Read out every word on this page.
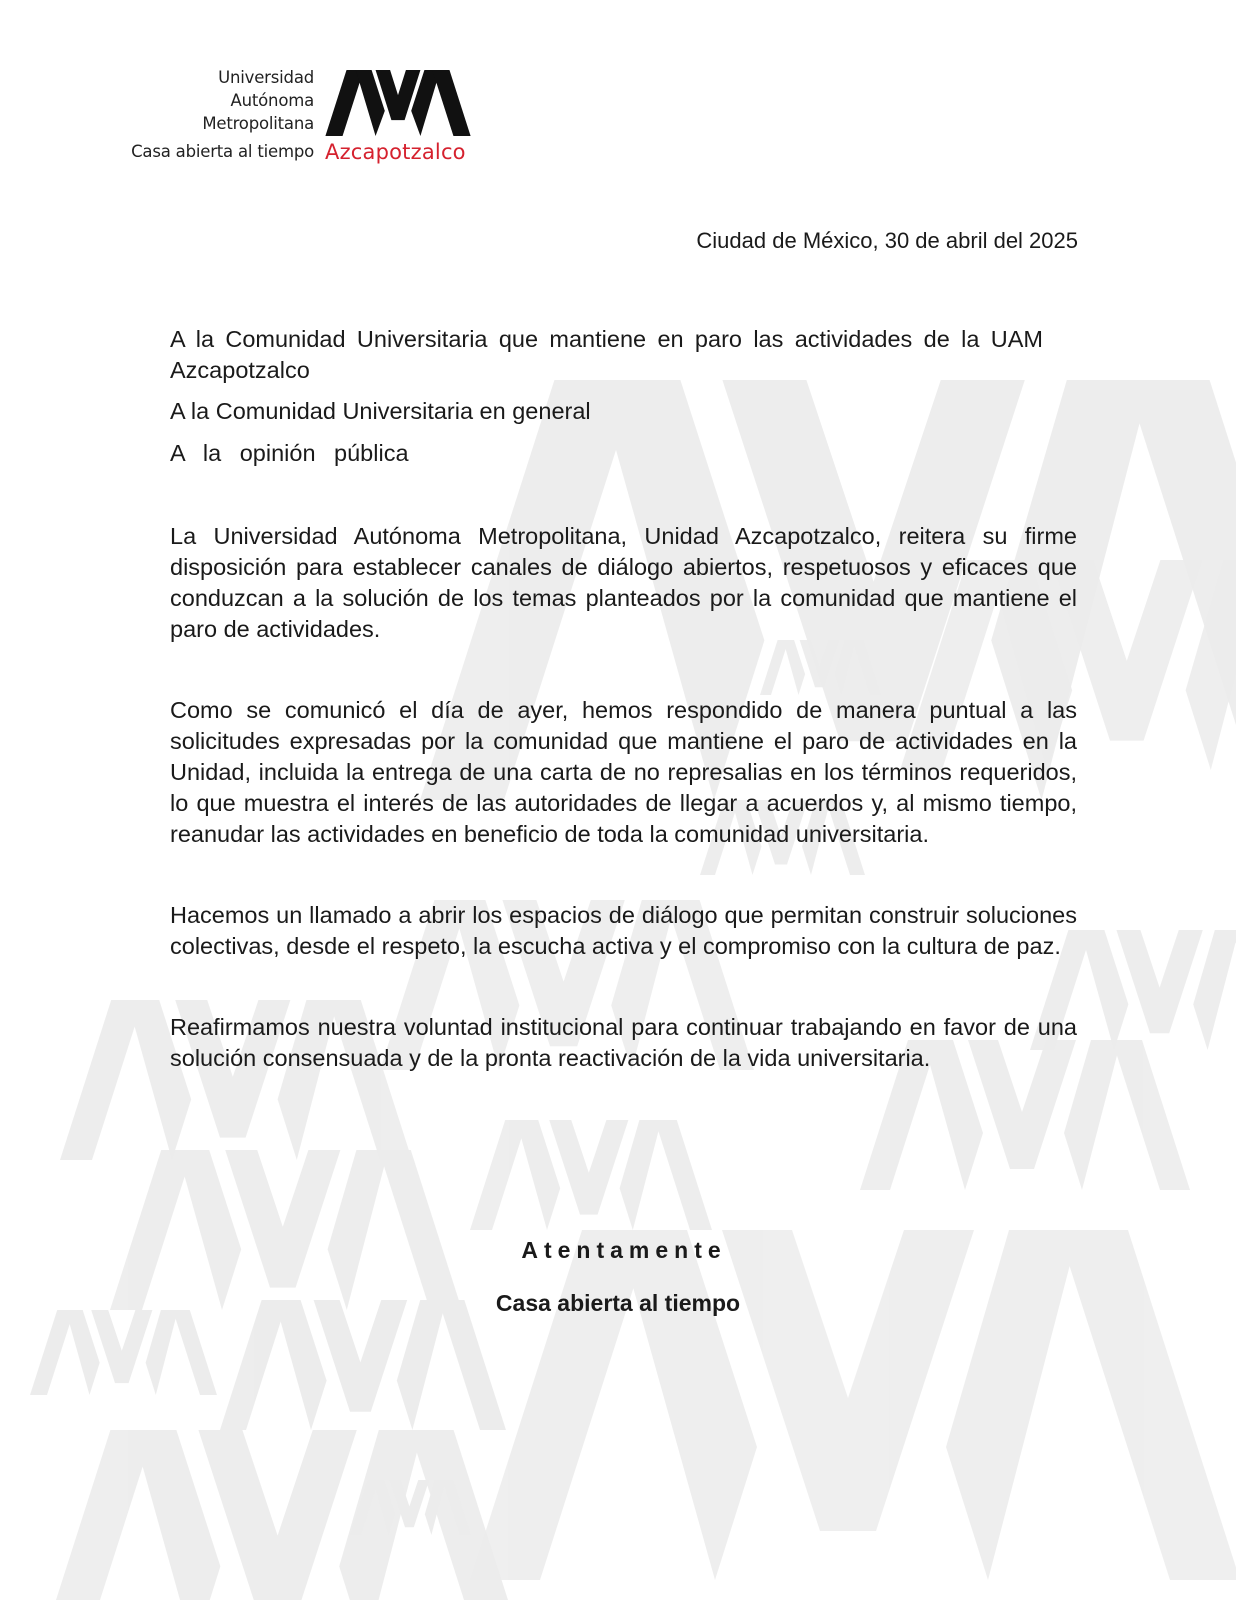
Universidad
Autónoma
Metropolitana
Casa abierta al tiempo Azcapotzalco
Ciudad de México, 30 de abril del 2025

A la Comunidad Universitaria que mantiene en paro las actividades de la UAM Azcapotzalco

A la Comunidad Universitaria en general

A la opinión pública

La Universidad Autónoma Metropolitana, Unidad Azcapotzalco, reitera su firme disposición para establecer canales de diálogo abiertos, respetuosos y eficaces que conduzcan a la solución de los temas planteados por la comunidad que mantiene el paro de actividades.

Como se comunicó el día de ayer, hemos respondido de manera puntual a las solicitudes expresadas por la comunidad que mantiene el paro de actividades en la Unidad, incluida la entrega de una carta de no represalias en los términos requeridos, lo que muestra el interés de las autoridades de llegar a acuerdos y, al mismo tiempo, reanudar las actividades en beneficio de toda la comunidad universitaria.

Hacemos un llamado a abrir los espacios de diálogo que permitan construir soluciones colectivas, desde el respeto, la escucha activa y el compromiso con la cultura de paz.

Reafirmamos nuestra voluntad institucional para continuar trabajando en favor de una solución consensuada y de la pronta reactivación de la vida universitaria.

Atentamente
Casa abierta al tiempo
